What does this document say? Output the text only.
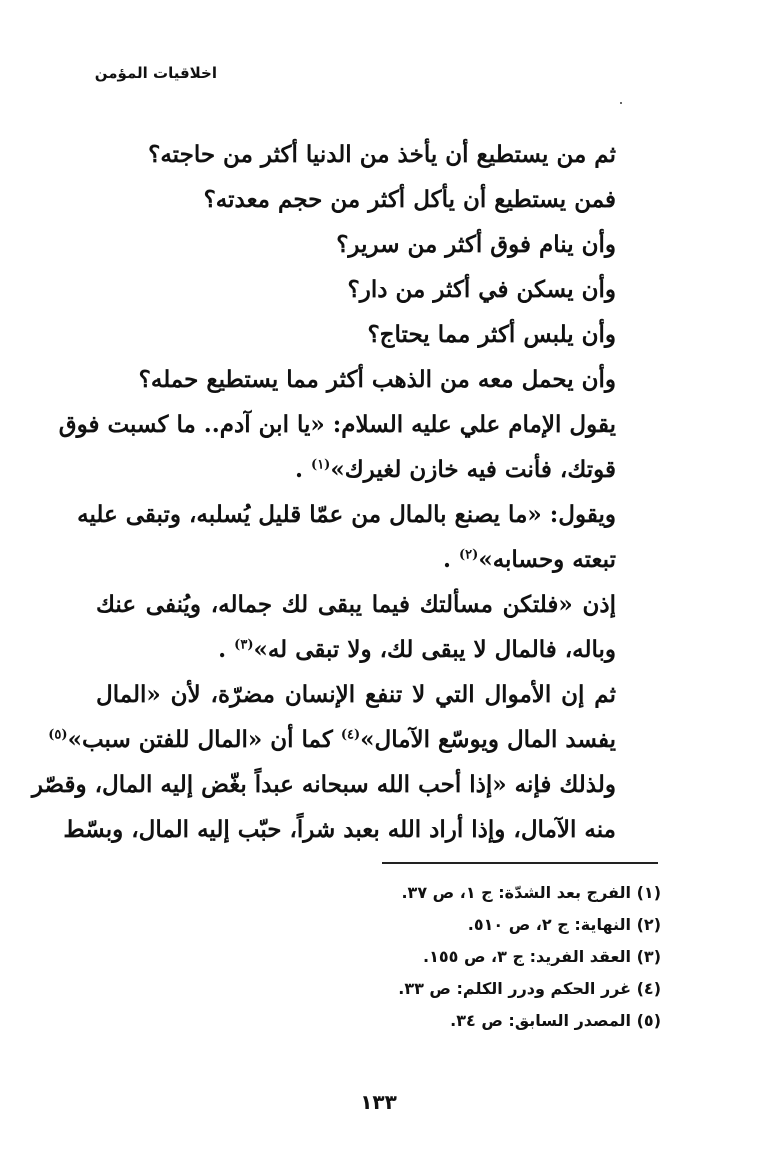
اخلاقيات المؤمن
ثم من يستطيع أن يأخذ من الدنيا أكثر من حاجته؟
فمن يستطيع أن يأكل أكثر من حجم معدته؟
وأن ينام فوق أكثر من سرير؟
وأن يسكن في أكثر من دار؟
وأن يلبس أكثر مما يحتاج؟
وأن يحمل معه من الذهب أكثر مما يستطيع حمله؟
يقول الإمام علي عليه السلام: «يا ابن آدم.. ما كسبت فوق
قوتك، فأنت فيه خازن لغيرك»$^{(١)}$ .
ويقول: «ما يصنع بالمال من عمّا قليل يُسلبه، وتبقى عليه
تبعته وحسابه»$^{(٢)}$ .
إذن «فلتكن مسألتك فيما يبقى لك جماله، ويُنفى عنك
وباله، فالمال لا يبقى لك، ولا تبقى له»$^{(٣)}$ .
ثم إن الأموال التي لا تنفع الإنسان مضرّة، لأن «المال
يفسد المال ويوسّع الآمال»$^{(٤)}$ كما أن «المال للفتن سبب»$^{(٥)}$
ولذلك فإنه «إذا أحب الله سبحانه عبداً بغّض إليه المال، وقصّر
منه الآمال، وإذا أراد الله بعبد شراً، حبّب إليه المال، وبسّط
(١) الفرج بعد الشدّة: ج ١، ص ٣٧.
(٢) النهاية: ج ٢، ص ٥١٠.
(٣) العقد الفريد: ج ٣، ص ١٥٥.
(٤) غرر الحكم ودرر الكلم: ص ٣٣.
(٥) المصدر السابق: ص ٣٤.
١٣٣
